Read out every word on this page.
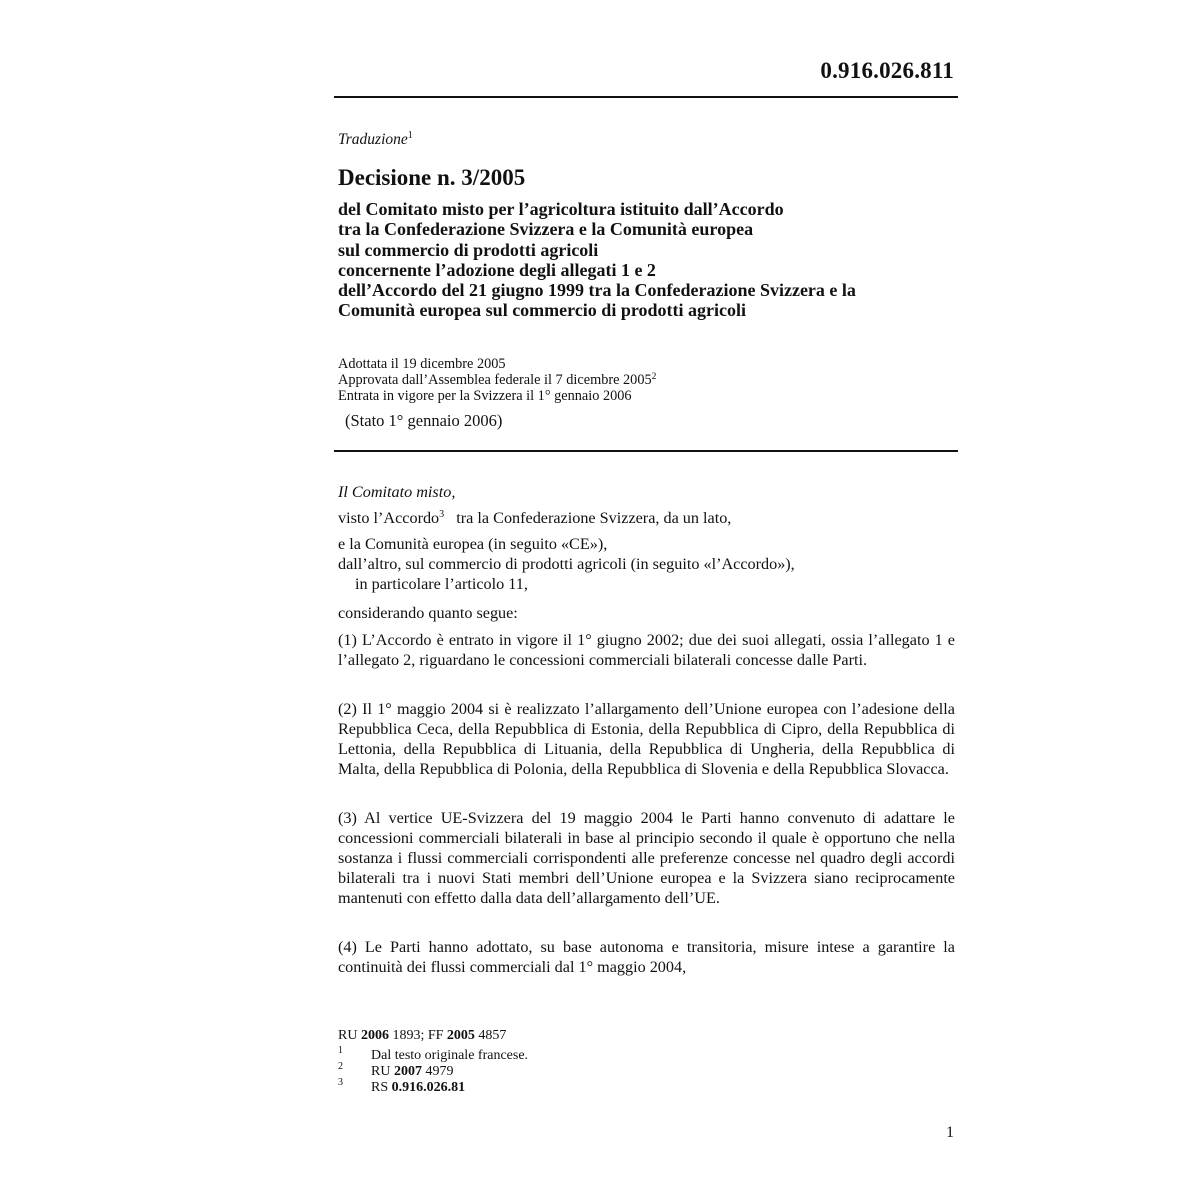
0.916.026.811
Traduzione$^1$
Decisione n. 3/2005
del Comitato misto per l’agricoltura istituito dall’Accordo
tra la Confederazione Svizzera e la Comunità europea
sul commercio di prodotti agricoli
concernente l’adozione degli allegati 1 e 2
dell’Accordo del 21 giugno 1999 tra la Confederazione Svizzera e la
Comunità europea sul commercio di prodotti agricoli
Adottata il 19 dicembre 2005
Approvata dall’Assemblea federale il 7 dicembre 2005$^2$
Entrata in vigore per la Svizzera il 1° gennaio 2006
(Stato 1° gennaio 2006)
Il Comitato misto,
visto l’Accordo$^3$ tra la Confederazione Svizzera, da un lato,
e la Comunità europea (in seguito «CE»),
dall’altro, sul commercio di prodotti agricoli (in seguito «l’Accordo»),
in particolare l’articolo 11,
considerando quanto segue:
(1) L’Accordo è entrato in vigore il 1° giugno 2002; due dei suoi allegati, ossia l’allegato 1 e l’allegato 2, riguardano le concessioni commerciali bilaterali concesse dalle Parti.
(2) Il 1° maggio 2004 si è realizzato l’allargamento dell’Unione europea con l’adesione della Repubblica Ceca, della Repubblica di Estonia, della Repubblica di Cipro, della Repubblica di Lettonia, della Repubblica di Lituania, della Repubblica di Ungheria, della Repubblica di Malta, della Repubblica di Polonia, della Repubblica di Slovenia e della Repubblica Slovacca.
(3) Al vertice UE-Svizzera del 19 maggio 2004 le Parti hanno convenuto di adattare le concessioni commerciali bilaterali in base al principio secondo il quale è opportuno che nella sostanza i flussi commerciali corrispondenti alle preferenze concesse nel quadro degli accordi bilaterali tra i nuovi Stati membri dell’Unione europea e la Svizzera siano reciprocamente mantenuti con effetto dalla data dell’allargamento dell’UE.
(4) Le Parti hanno adottato, su base autonoma e transitoria, misure intese a garantire la continuità dei flussi commerciali dal 1° maggio 2004,
RU 2006 1893; FF 2005 4857
1 Dal testo originale francese.
2 RU 2007 4979
3 RS 0.916.026.81
1
